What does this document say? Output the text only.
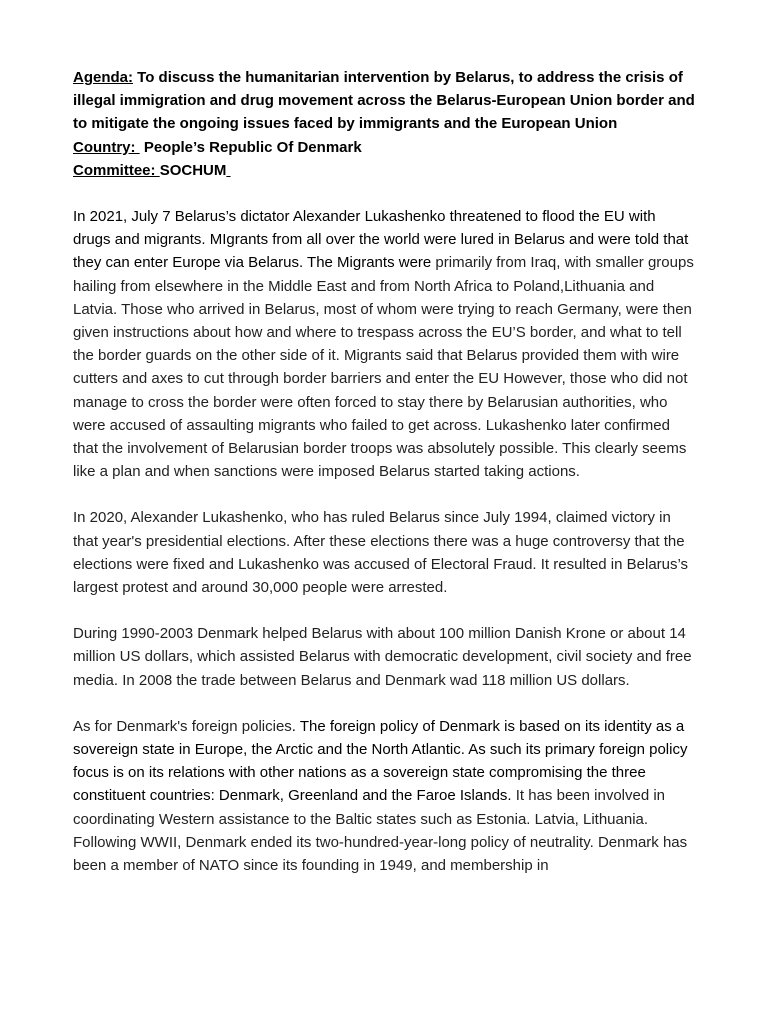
Agenda: To discuss the humanitarian intervention by Belarus, to address the crisis of illegal immigration and drug movement across the Belarus-European Union border and to mitigate the ongoing issues faced by immigrants and the European Union

Country:  People’s Republic Of Denmark

Committee: SOCHUM

In 2021, July 7 Belarus’s dictator Alexander Lukashenko threatened to flood the EU with drugs and migrants. MIgrants from all over the world were lured in Belarus and were told that they can enter Europe via Belarus. The Migrants were primarily from Iraq, with smaller groups hailing from elsewhere in the Middle East and from North Africa to Poland,Lithuania and Latvia. Those who arrived in Belarus, most of whom were trying to reach Germany, were then given instructions about how and where to trespass across the EU’S border, and what to tell the border guards on the other side of it. Migrants said that Belarus provided them with wire cutters and axes to cut through border barriers and enter the EU However, those who did not manage to cross the border were often forced to stay there by Belarusian authorities, who were accused of assaulting migrants who failed to get across. Lukashenko later confirmed that the involvement of Belarusian border troops was absolutely possible. This clearly seems like a plan and when sanctions were imposed Belarus started taking actions.

In 2020, Alexander Lukashenko, who has ruled Belarus since July 1994, claimed victory in that year's presidential elections. After these elections there was a huge controversy that the elections were fixed and Lukashenko was accused of Electoral Fraud. It resulted in Belarus’s largest protest and around 30,000 people were arrested.

During 1990-2003 Denmark helped Belarus with about 100 million Danish Krone or about 14 million US dollars, which assisted Belarus with democratic development, civil society and free media. In 2008 the trade between Belarus and Denmark wad 118 million US dollars.

As for Denmark's foreign policies. The foreign policy of Denmark is based on its identity as a sovereign state in Europe, the Arctic and the North Atlantic. As such its primary foreign policy focus is on its relations with other nations as a sovereign state compromising the three constituent countries: Denmark, Greenland and the Faroe Islands. It has been involved in coordinating Western assistance to the Baltic states such as Estonia. Latvia, Lithuania. Following WWII, Denmark ended its two-hundred-year-long policy of neutrality. Denmark has been a member of NATO since its founding in 1949, and membership in
